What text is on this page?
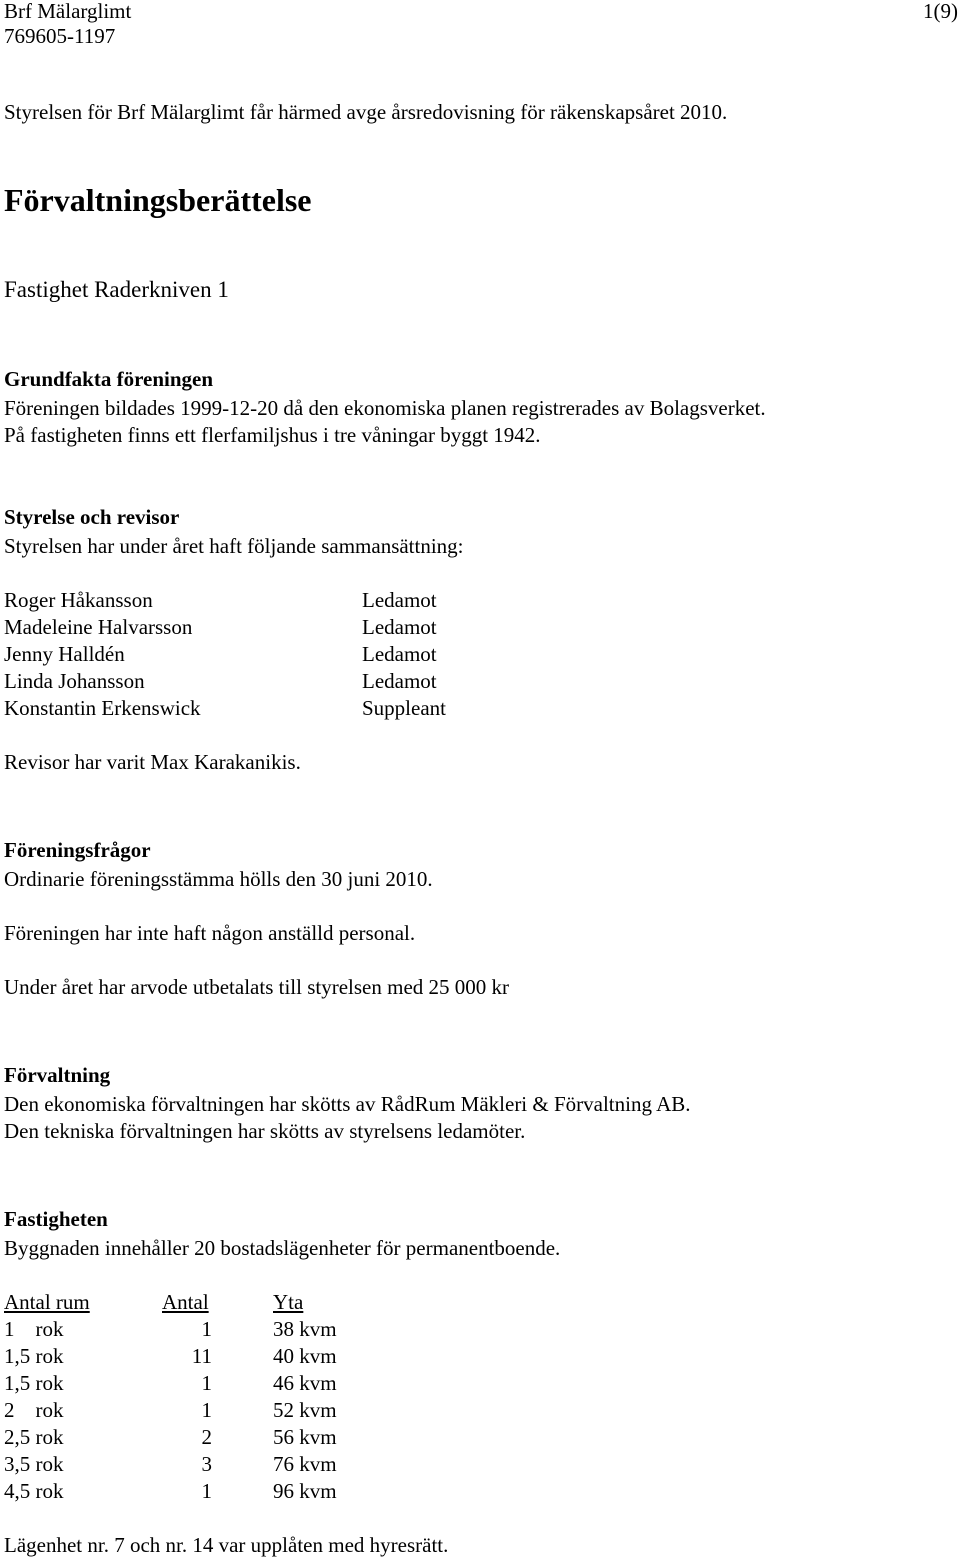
Brf Mälarglimt
769605-1197
1(9)
Styrelsen för Brf Mälarglimt får härmed avge årsredovisning för räkenskapsåret 2010.
Förvaltningsberättelse
Fastighet Raderkniven 1
Grundfakta föreningen
Föreningen bildades 1999-12-20 då den ekonomiska planen registrerades av Bolagsverket.
På fastigheten finns ett flerfamiljshus i tre våningar byggt 1942.
Styrelse och revisor
Styrelsen har under året haft följande sammansättning:
Roger Håkansson	Ledamot
Madeleine Halvarsson	Ledamot
Jenny Halldén	Ledamot
Linda Johansson	Ledamot
Konstantin Erkenswick	Suppleant
Revisor har varit Max Karakanikis.
Föreningsfrågor
Ordinarie föreningsstämma hölls den 30 juni 2010.
Föreningen har inte haft någon anställd personal.
Under året har arvode utbetalats till styrelsen med 25 000 kr
Förvaltning
Den ekonomiska förvaltningen har skötts av RådRum Mäkleri & Förvaltning AB.
Den tekniska förvaltningen har skötts av styrelsens ledamöter.
Fastigheten
Byggnaden innehåller 20 bostadslägenheter för permanentboende.
Antal rum	Antal	Yta
1    rok	1	38 kvm
1,5 rok	11	40 kvm
1,5 rok	1	46 kvm
2    rok	1	52 kvm
2,5 rok	2	56 kvm
3,5 rok	3	76 kvm
4,5 rok	1	96 kvm
Lägenhet nr. 7 och nr. 14 var upplåten med hyresrätt.
